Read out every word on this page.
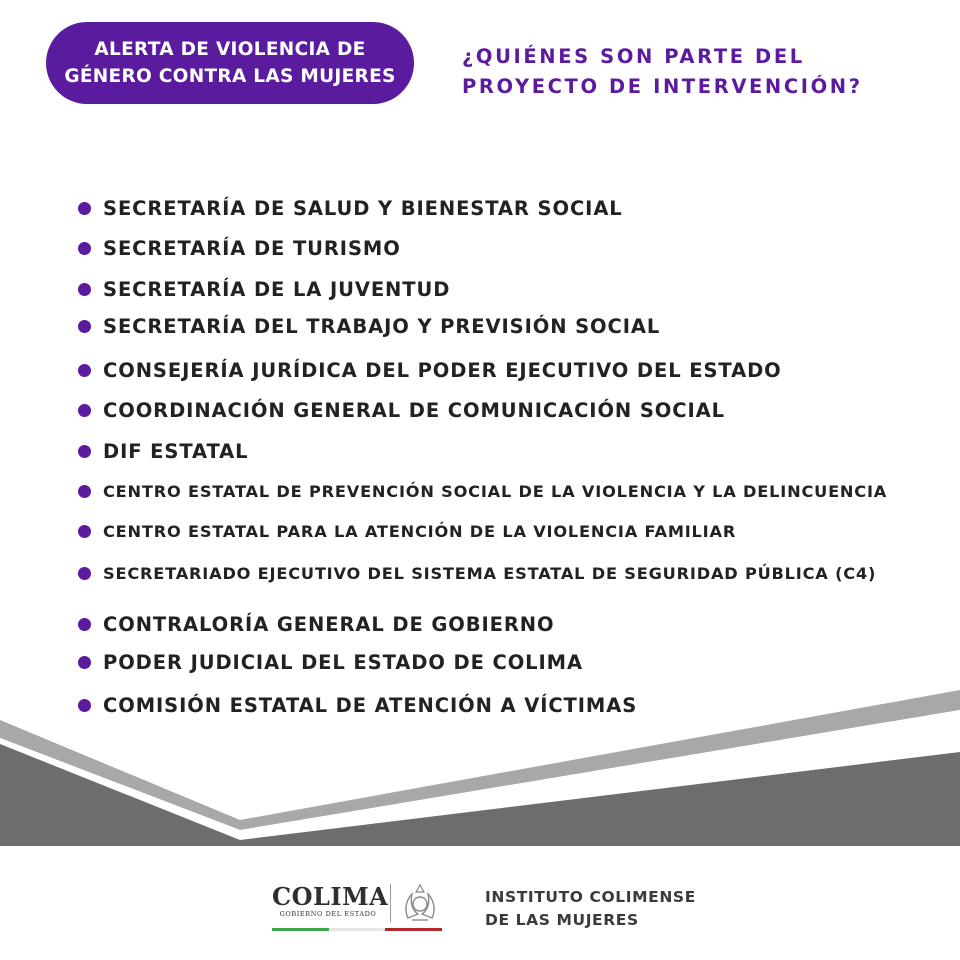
ALERTA DE VIOLENCIA DE
GÉNERO CONTRA LAS MUJERES
¿QUIÉNES SON PARTE DEL
PROYECTO DE INTERVENCIÓN?
SECRETARÍA DE SALUD Y BIENESTAR SOCIAL
SECRETARÍA DE TURISMO
SECRETARÍA DE LA JUVENTUD
SECRETARÍA DEL TRABAJO Y PREVISIÓN SOCIAL
CONSEJERÍA JURÍDICA DEL PODER EJECUTIVO DEL ESTADO
COORDINACIÓN GENERAL DE COMUNICACIÓN SOCIAL
DIF ESTATAL
CENTRO ESTATAL DE PREVENCIÓN SOCIAL DE LA VIOLENCIA Y LA DELINCUENCIA
CENTRO ESTATAL PARA LA ATENCIÓN DE LA VIOLENCIA FAMILIAR
SECRETARIADO EJECUTIVO DEL SISTEMA ESTATAL DE SEGURIDAD PÚBLICA (C4)
CONTRALORÍA GENERAL DE GOBIERNO
PODER JUDICIAL DEL ESTADO DE COLIMA
COMISIÓN ESTATAL DE ATENCIÓN A VÍCTIMAS
COLIMA
GOBIERNO DEL ESTADO
INSTITUTO COLIMENSE
DE LAS MUJERES
